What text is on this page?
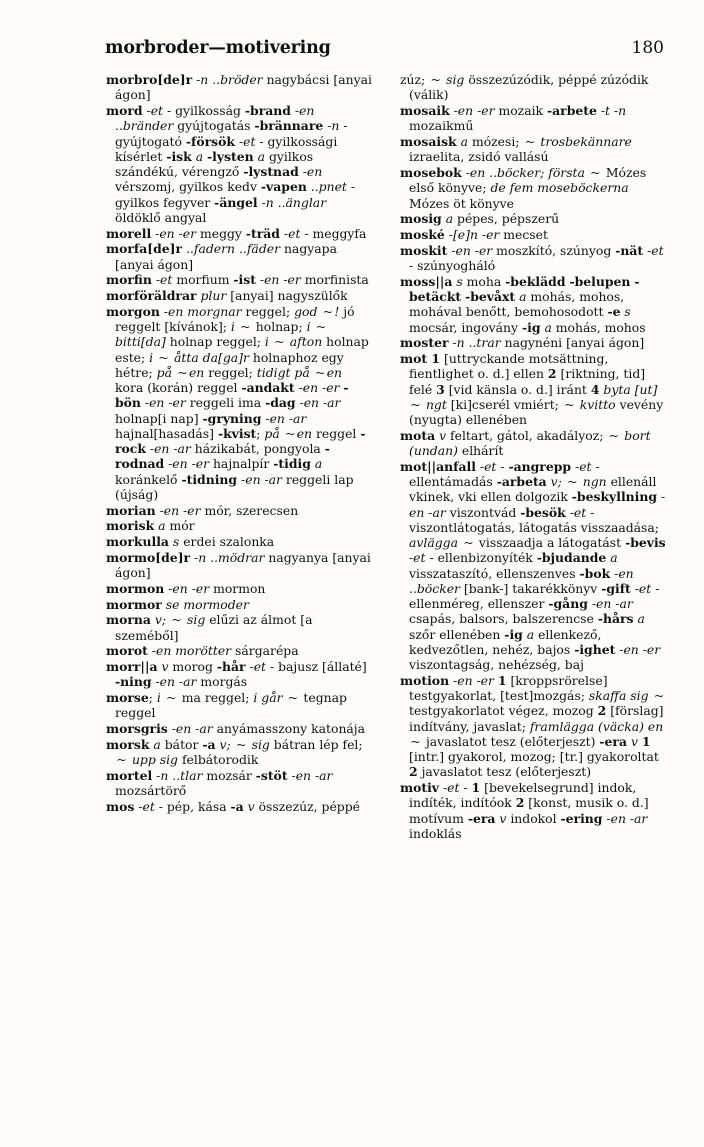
morbroder—motivering	180

morbro[de]r -n ..bröder nagybácsi [anyai ágon]

mord -et - gyilkosság -brand -en ..bränder gyújtogatás -brännare -n - gyújtogató -försök -et - gyilkossági kísérlet -isk a -lysten a gyilkos szándékú, vérengző -lystnad -en vérszomj, gyilkos kedv -vapen ..pnet - gyilkos fegyver -ängel -n ..änglar öldöklő angyal

morell -en -er meggy -träd -et - meggyfa

morfa[de]r ..fadern ..fäder nagyapa [anyai ágon]

morfin -et morfium -ist -en -er morfinista

morföräldrar plur [anyai] nagyszülők

morgon -en morgnar reggel; god ~! jó reggelt [kívánok]; i ~ holnap; i ~ bitti[da] holnap reggel; i ~ afton holnap este; i ~ åtta da[ga]r holnaphoz egy hétre; på ~en reggel; tidigt på ~en kora (korán) reggel -andakt -en -er -bön -en -er reggeli ima -dag -en -ar holnap[i nap] -gryning -en -ar hajnal[hasadás] -kvist; på ~en reggel -rock -en -ar házikabát, pongyola -rodnad -en -er hajnalpír -tidig a koránkelő -tidning -en -ar reggeli lap (újság)

morian -en -er mór, szerecsen

morisk a mór

morkulla s erdei szalonka

mormo[de]r -n ..mödrar nagyanya [anyai ágon]

mormon -en -er mormon

mormor se mormoder

morna v; ~ sig elűzi az álmot [a szeméből]

morot -en morötter sárgarépa

morr||a v morog -hår -et - bajusz [állaté] -ning -en -ar morgás

morse; i ~ ma reggel; i går ~ tegnap reggel

morsgris -en -ar anyámasszony katonája

morsk a bátor -a v; ~ sig bátran lép fel; ~ upp sig felbátorodik

mortel -n ..tlar mozsár -stöt -en -ar mozsártörő

mos -et - pép, kása -a v összezúz, péppé

zúz; ~ sig összezúzódik, péppé zúzódik (válik)

mosaik -en -er mozaik -arbete -t -n mozaikmű

mosaisk a mózesi; ~ trosbekännare izraelita, zsidó vallású

mosebok -en ..böcker; första ~ Mózes első könyve; de fem moseböckerna Mózes öt könyve

mosig a pépes, pépszerű

moské -[e]n -er mecset

moskit -en -er moszkító, szúnyog -nät -et - szúnyogháló

moss||a s moha -beklädd -belupen -betäckt -bevåxt a mohás, mohos, mohával benőtt, bemohosodott -e s mocsár, ingovány -ig a mohás, mohos

moster -n ..trar nagynéni [anyai ágon]

mot 1 [uttryckande motsättning, fientlighet o. d.] ellen 2 [riktning, tid] felé 3 [vid känsla o. d.] iránt 4 byta [ut] ~ ngt [ki]cserél vmiért; ~ kvitto vevény (nyugta) ellenében

mota v feltart, gátol, akadályoz; ~ bort (undan) elhárít

mot||anfall -et - -angrepp -et - ellentámadás -arbeta v; ~ ngn ellenáll vkinek, vki ellen dolgozik -beskyllning -en -ar viszontvád -besök -et - viszontlátogatás, látogatás visszaadása; avlägga ~ visszaadja a látogatást -bevis -et - ellenbizonyíték -bjudande a visszataszító, ellenszenves -bok -en ..böcker [bank-] takarékkönyv -gift -et - ellenméreg, ellenszer -gång -en -ar csapás, balsors, balszerencse -hårs a szőr ellenében -ig a ellenkező, kedvezőtlen, nehéz, bajos -ighet -en -er viszontagság, nehézség, baj

motion -en -er 1 [kroppsrörelse] testgyakorlat, [test]mozgás; skaffa sig ~ testgyakorlatot végez, mozog 2 [förslag] indítvány, javaslat; framlägga (väcka) en ~ javaslatot tesz (előterjeszt) -era v 1 [intr.] gyakorol, mozog; [tr.] gyakoroltat 2 javaslatot tesz (előterjeszt)

motiv -et - 1 [bevekelsegrund] indok, indíték, indítóok 2 [konst, musik o. d.] motívum -era v indokol -ering -en -ar indoklás
